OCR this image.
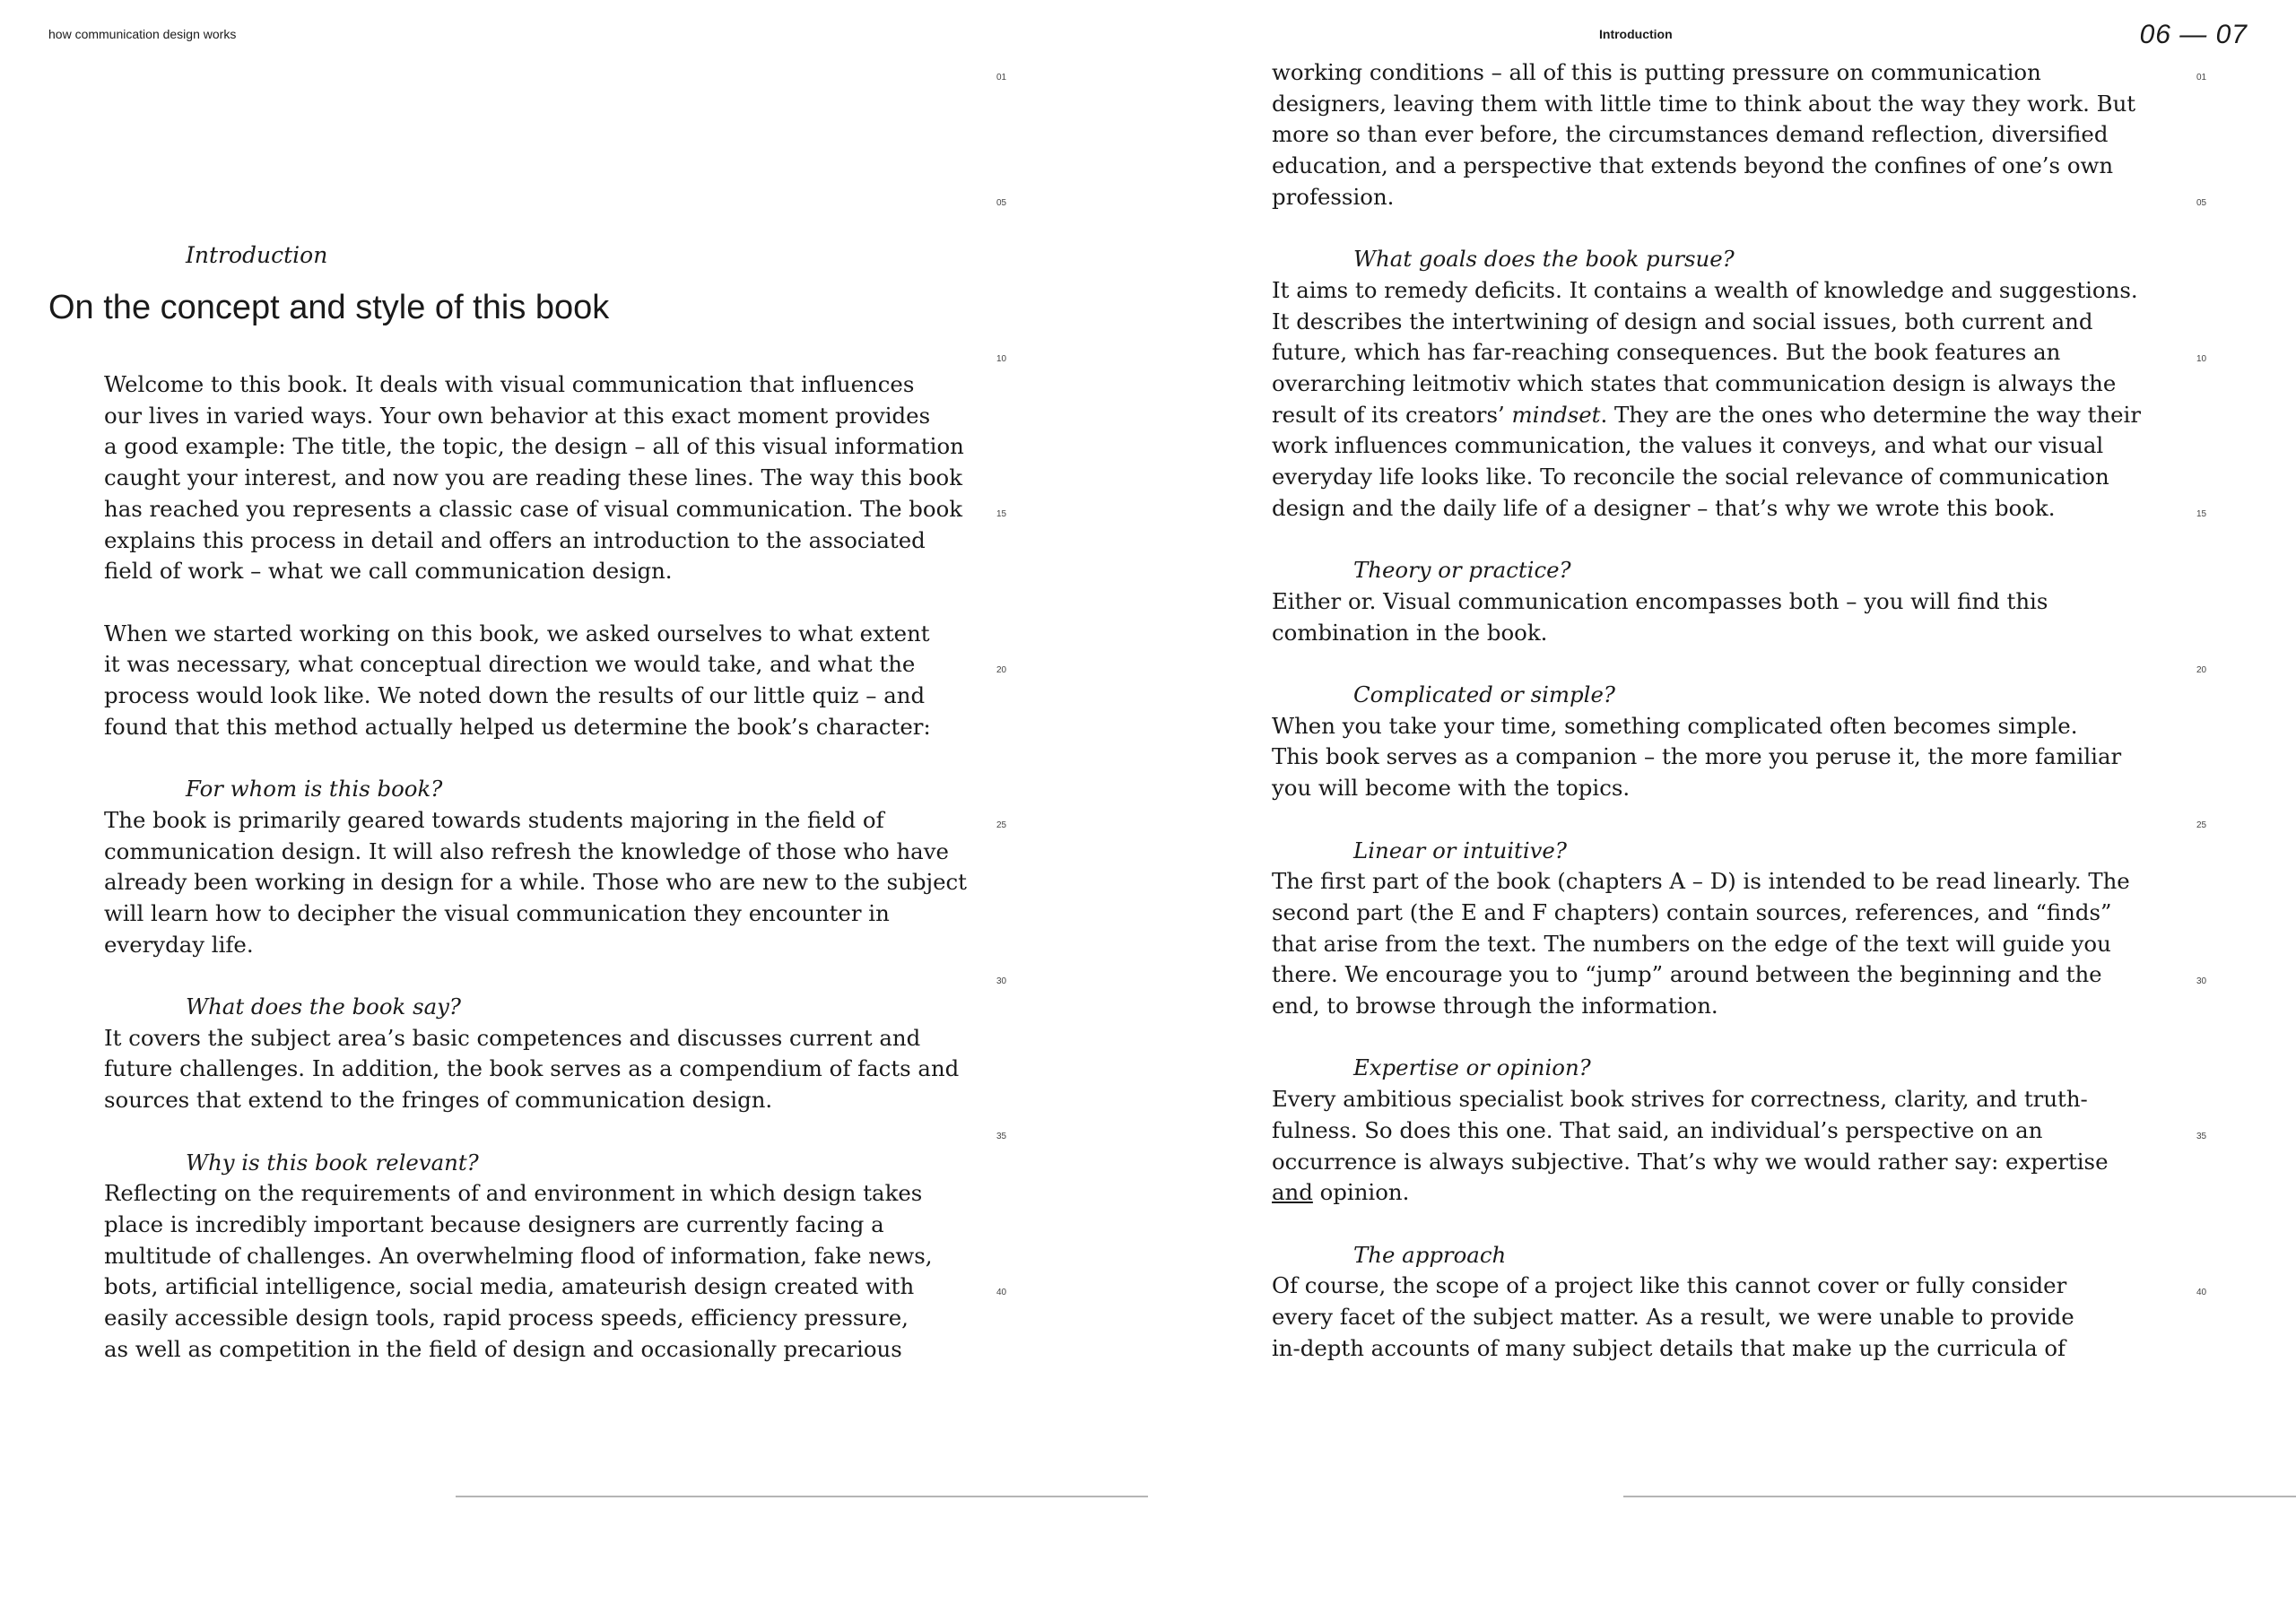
how communication design works	Introduction	06 — 07
01
05
10
15
20
25
30
35
40
01
05
10
15
20
25
30
35
40
Introduction
On the concept and style of this book

Welcome to this book. It deals with visual communication that influences

our lives in varied ways. Your own behavior at this exact moment provides

a good example: The title, the topic, the design – all of this visual information

caught your interest, and now you are reading these lines. The way this book

has reached you represents a classic case of visual communication. The book

explains this process in detail and offers an introduction to the associated

field of work – what we call communication design.

When we started working on this book, we asked ourselves to what extent

it was necessary, what conceptual direction we would take, and what the

process would look like. We noted down the results of our little quiz – and

found that this method actually helped us determine the book’s character:

For whom is this book?

The book is primarily geared towards students majoring in the field of

communication design. It will also refresh the knowledge of those who have

already been working in design for a while. Those who are new to the subject

will learn how to decipher the visual communication they encounter in

everyday life.

What does the book say?

It covers the subject area’s basic competences and discusses current and

future challenges. In addition, the book serves as a compendium of facts and

sources that extend to the fringes of communication design.

Why is this book relevant?

Reflecting on the requirements of and environment in which design takes

place is incredibly important because designers are currently facing a

multitude of challenges. An overwhelming flood of information, fake news,

bots, artificial intelligence, social media, amateurish design created with

easily accessible design tools, rapid process speeds, efficiency pressure,

as well as competition in the field of design and occasionally precarious

working conditions – all of this is putting pressure on communication

designers, leaving them with little time to think about the way they work. But

more so than ever before, the circumstances demand reflection, diversified

education, and a perspective that extends beyond the confines of one’s own

profession.

What goals does the book pursue?

It aims to remedy deficits. It contains a wealth of knowledge and suggestions.

It describes the intertwining of design and social issues, both current and

future, which has far-reaching consequences. But the book features an

overarching leitmotiv which states that communication design is always the

result of its creators’ mindset. They are the ones who determine the way their

work influences communication, the values it conveys, and what our visual

everyday life looks like. To reconcile the social relevance of communication

design and the daily life of a designer – that’s why we wrote this book.

Theory or practice?

Either or. Visual communication encompasses both – you will find this

combination in the book.

Complicated or simple?

When you take your time, something complicated often becomes simple.

This book serves as a companion – the more you peruse it, the more familiar

you will become with the topics.

Linear or intuitive?

The first part of the book (chapters A – D) is intended to be read linearly. The

second part (the E and F chapters) contain sources, references, and “finds”

that arise from the text. The numbers on the edge of the text will guide you

there. We encourage you to “jump” around between the beginning and the

end, to browse through the information.

Expertise or opinion?

Every ambitious specialist book strives for correctness, clarity, and truth-

fulness. So does this one. That said, an individual’s perspective on an

occurrence is always subjective. That’s why we would rather say: expertise

and opinion.

The approach

Of course, the scope of a project like this cannot cover or fully consider

every facet of the subject matter. As a result, we were unable to provide

in-depth accounts of many subject details that make up the curricula of
